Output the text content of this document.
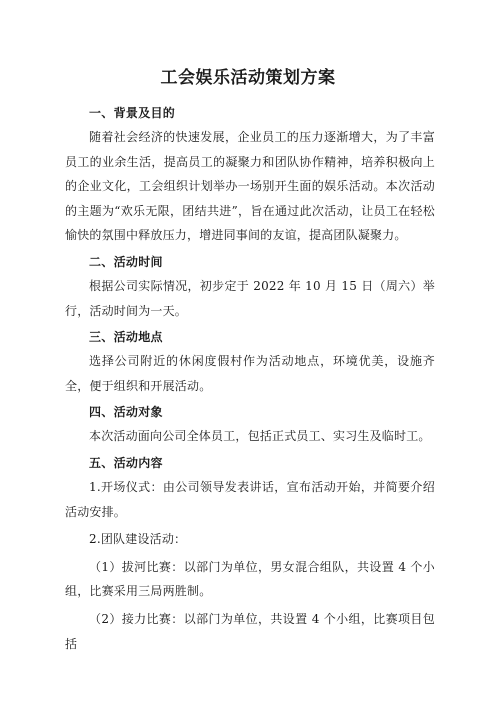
工会娱乐活动策划方案

一、背景及目的

随着社会经济的快速发展，企业员工的压力逐渐增大，为了丰富员工的业余生活，提高员工的凝聚力和团队协作精神，培养积极向上的企业文化，工会组织计划举办一场别开生面的娱乐活动。本次活动的主题为“欢乐无限，团结共进”，旨在通过此次活动，让员工在轻松愉快的氛围中释放压力，增进同事间的友谊，提高团队凝聚力。

二、活动时间

根据公司实际情况，初步定于 2022 年 10 月 15 日（周六）举行，活动时间为一天。

三、活动地点

选择公司附近的休闲度假村作为活动地点，环境优美，设施齐全，便于组织和开展活动。

四、活动对象

本次活动面向公司全体员工，包括正式员工、实习生及临时工。

五、活动内容

1.开场仪式：由公司领导发表讲话，宣布活动开始，并简要介绍活动安排。

2.团队建设活动：

（1）拔河比赛：以部门为单位，男女混合组队，共设置 4 个小组，比赛采用三局两胜制。

（2）接力比赛：以部门为单位，共设置 4 个小组，比赛项目包括
